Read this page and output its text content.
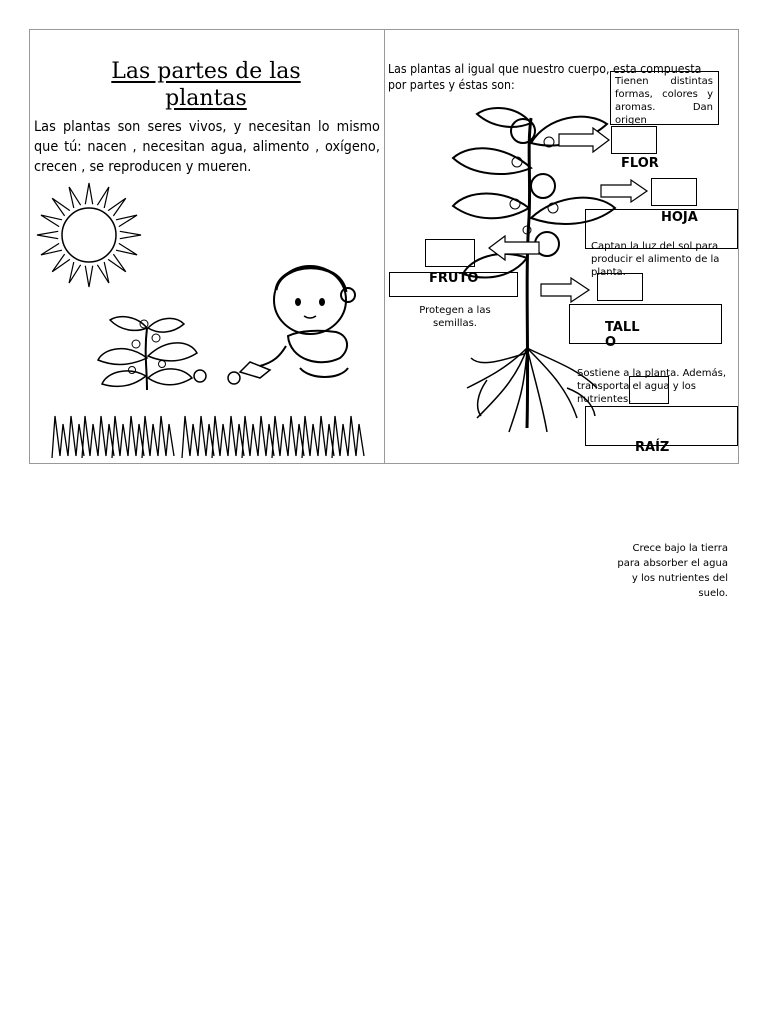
Las partes de las plantas
Las plantas son seres vivos, y necesitan lo mismo que tú: nacen , necesitan agua, alimento , oxígeno, crecen , se reproducen y mueren.
Las plantas al igual que nuestro cuerpo, esta compuesta por partes y éstas son:	Tienen distintas formas, colores y aromas. Dan origen
FLOR
HOJA
Captan la luz del sol para producir el alimento de la planta.
FRUTO
Protegen a las semillas.	TALL O
Sostiene a la planta. Además, transporta el agua y los nutrientes.
RAÍZ
Crece bajo la tierra para absorber el agua y los nutrientes del suelo.
